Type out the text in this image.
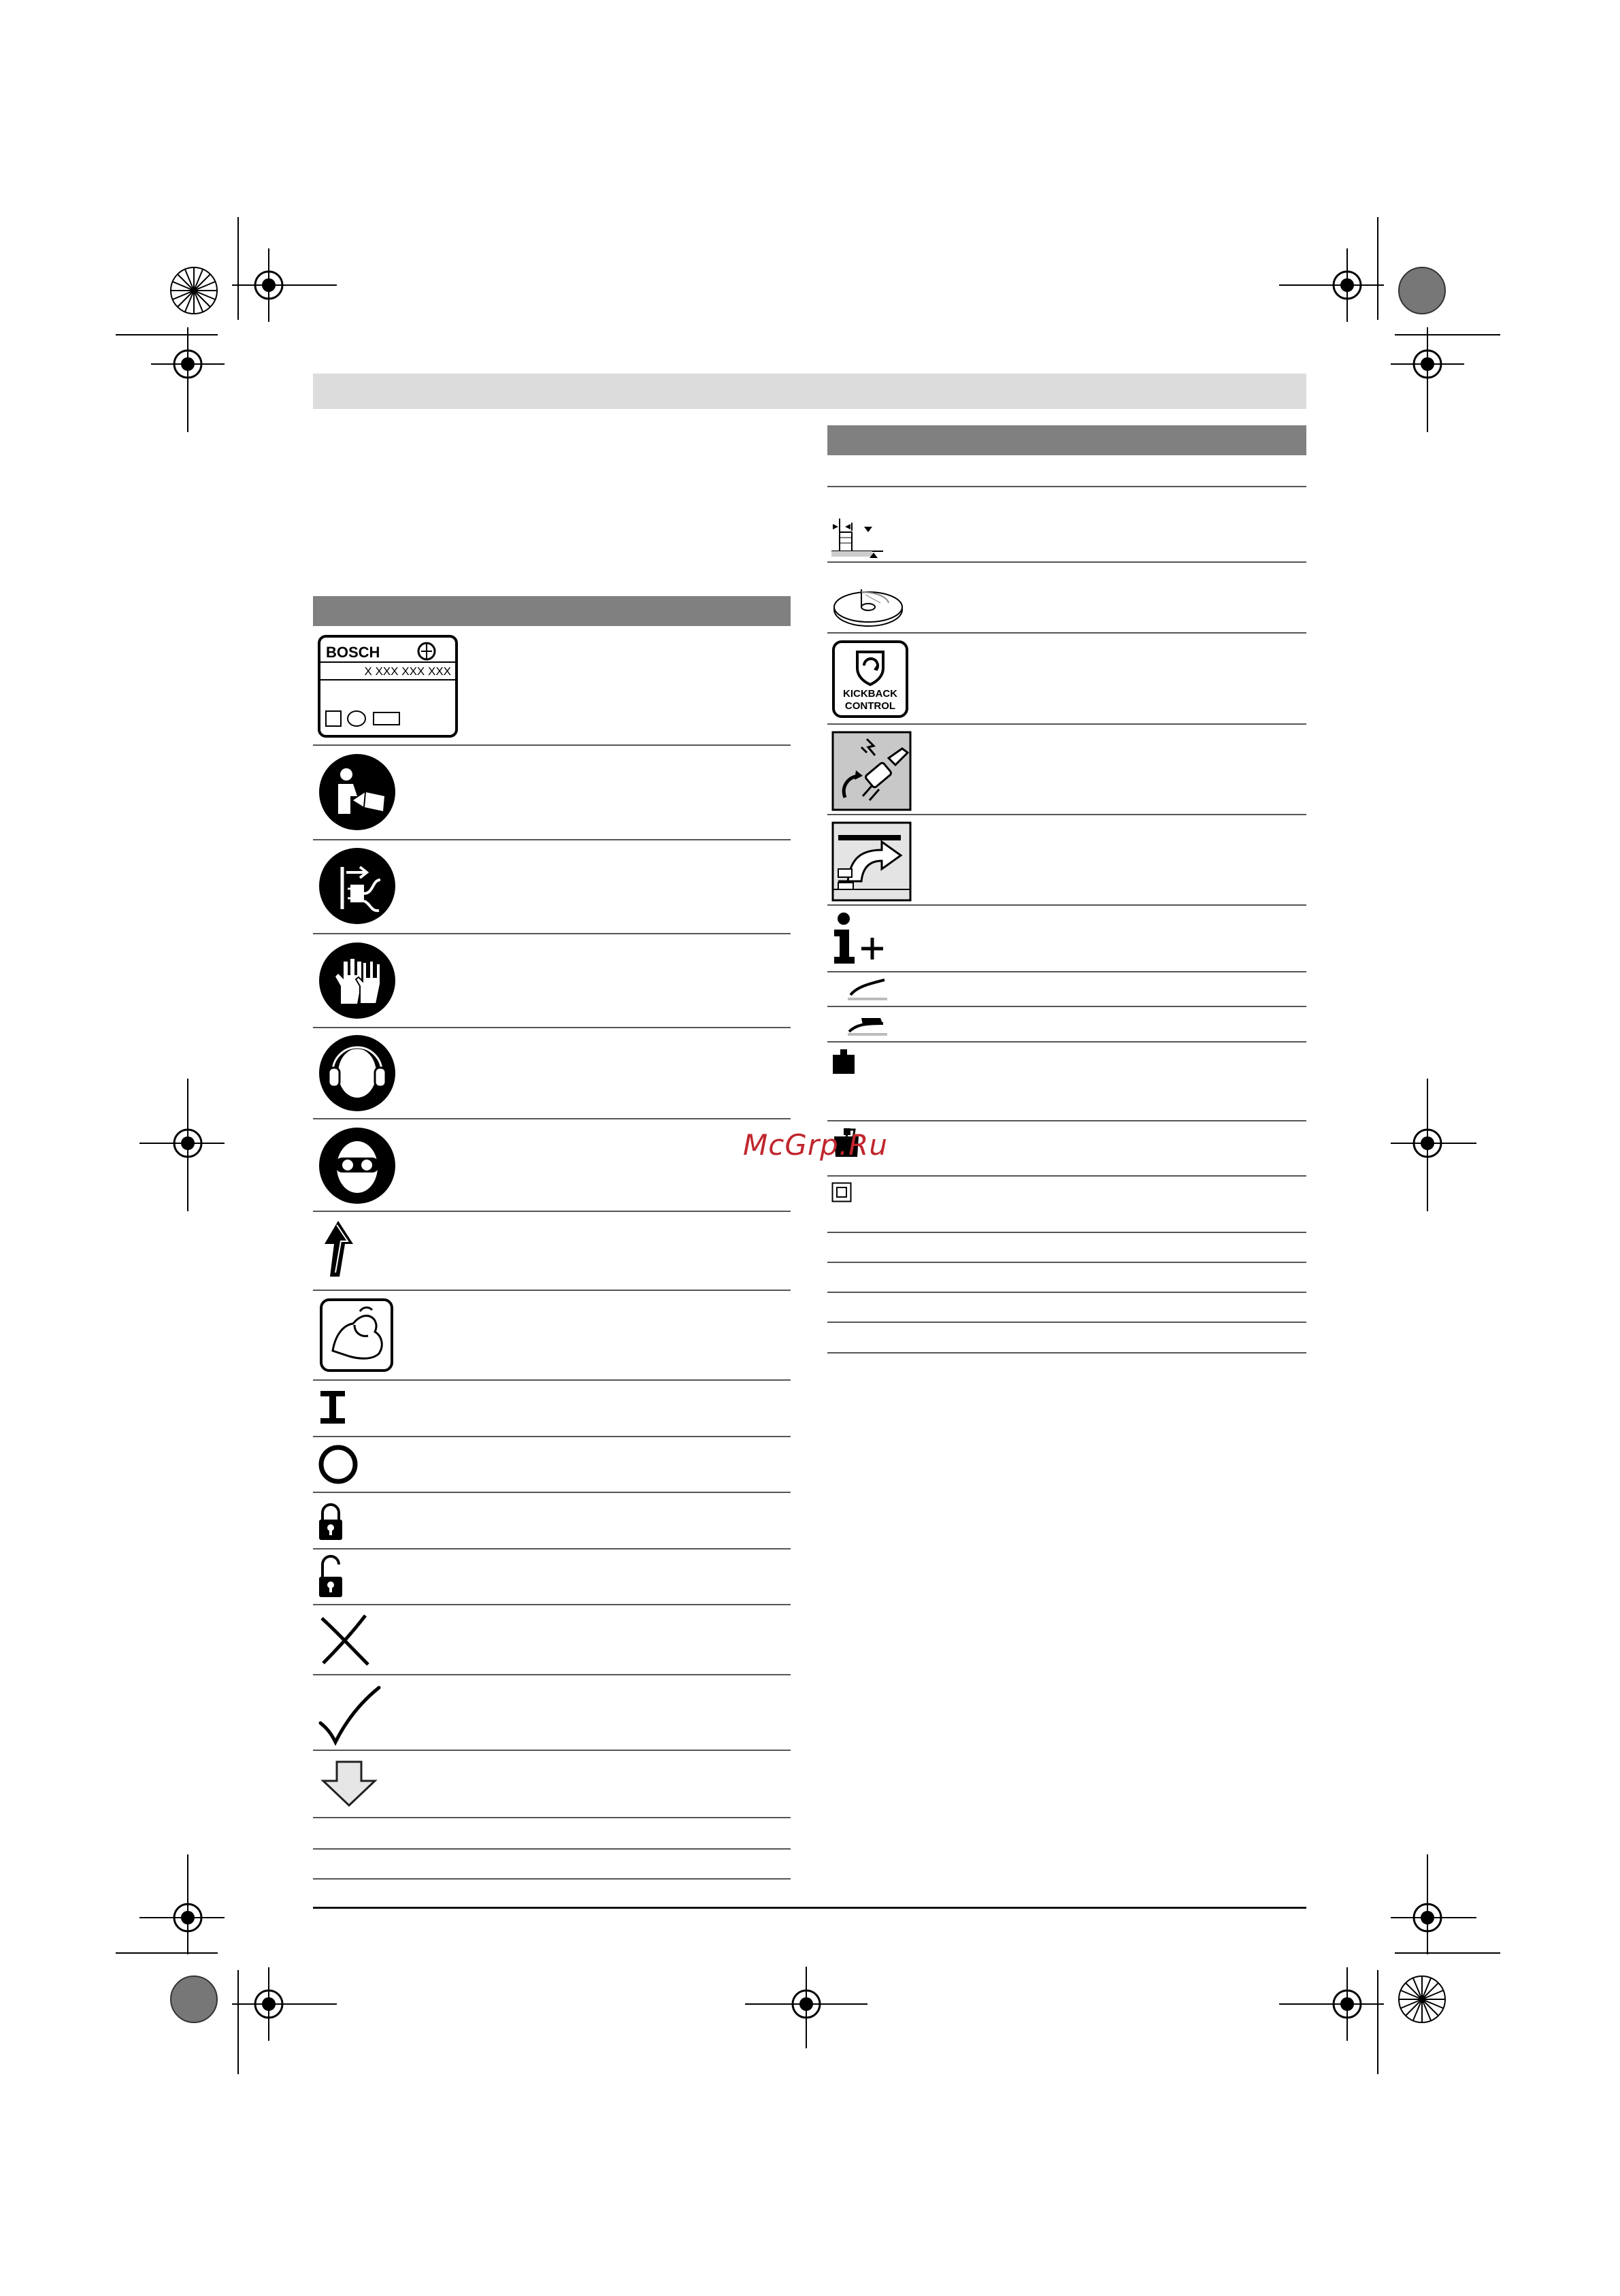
BOSCH
X XXX XXX XXX
KICKBACK
CONTROL
McGrp.Ru
